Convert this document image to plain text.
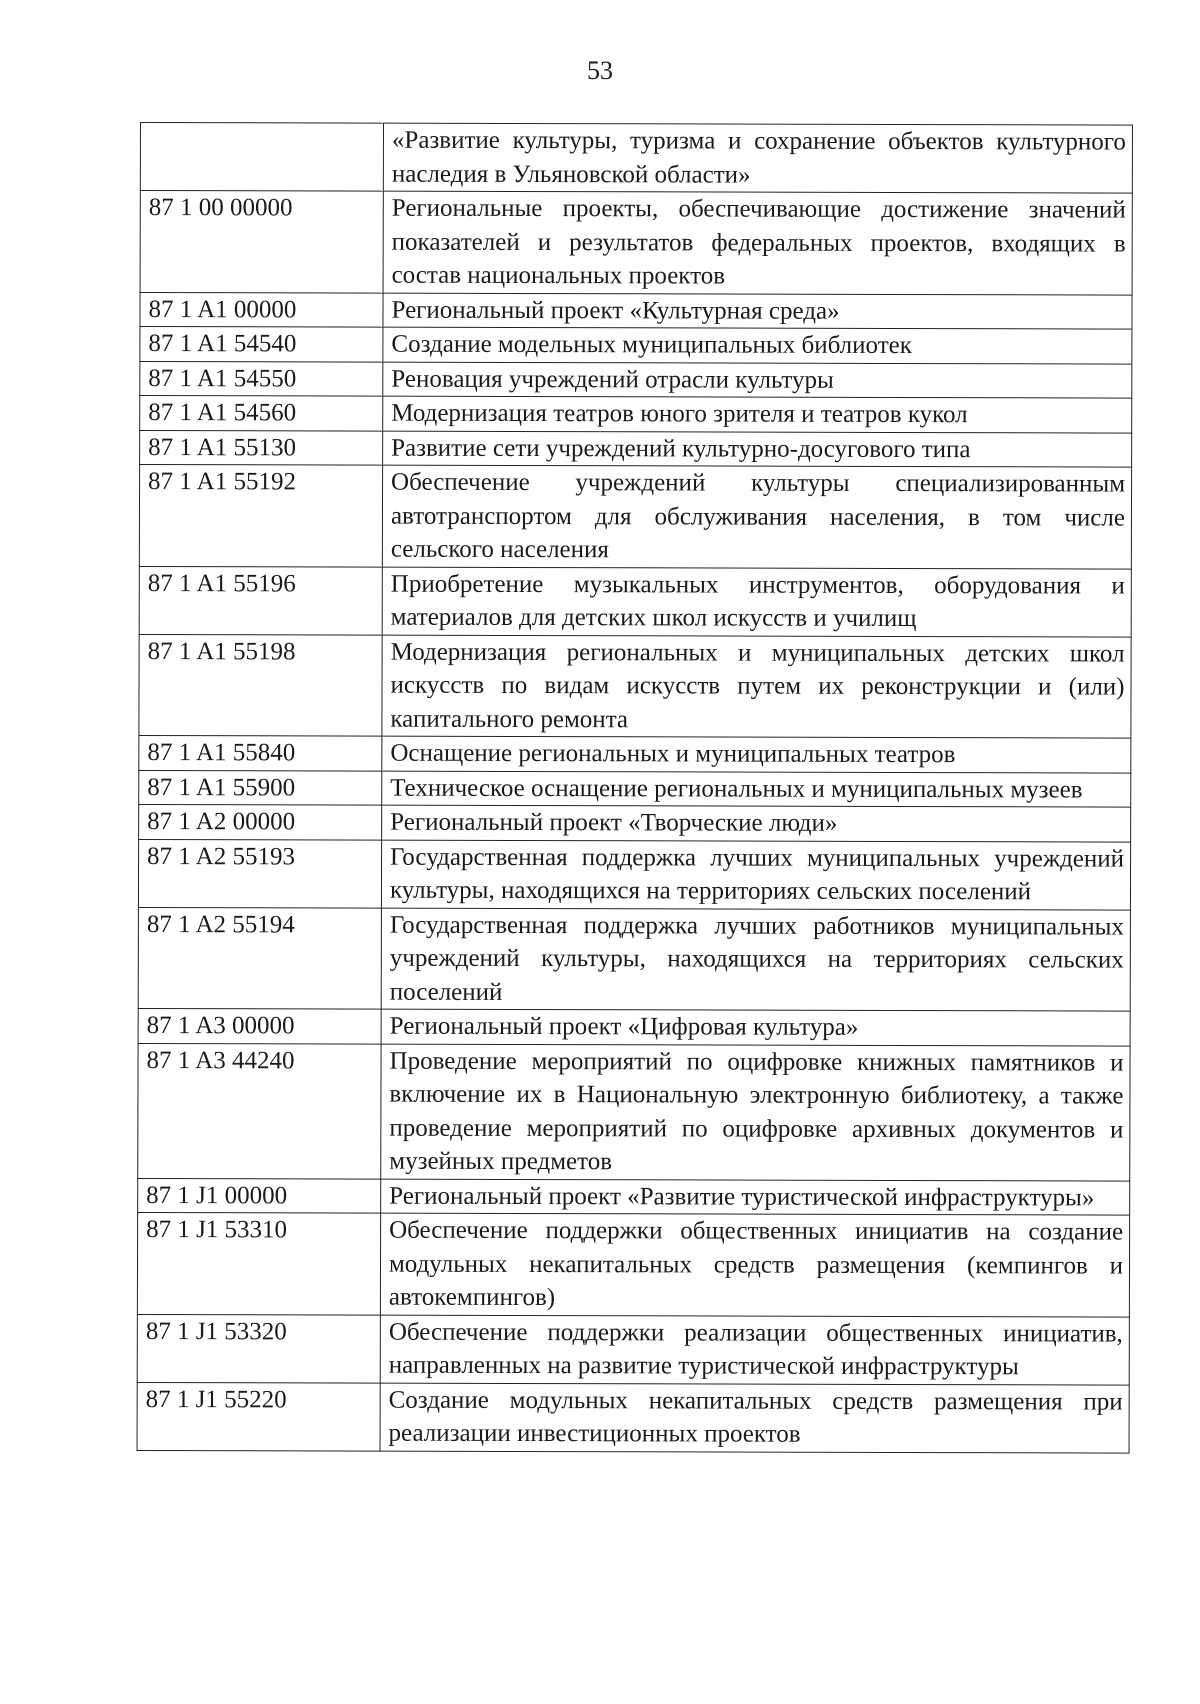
53
	«Развитие культуры, туризма и сохранение объектов культурного наследия в Ульяновской области»
87 1 00 00000	Региональные проекты, обеспечивающие достижение значений показателей и результатов федеральных проектов, входящих в состав национальных проектов
87 1 A1 00000	Региональный проект «Культурная среда»
87 1 A1 54540	Создание модельных муниципальных библиотек
87 1 A1 54550	Реновация учреждений отрасли культуры
87 1 A1 54560	Модернизация театров юного зрителя и театров кукол
87 1 A1 55130	Развитие сети учреждений культурно-досугового типа
87 1 A1 55192	Обеспечение учреждений культуры специализированным автотранспортом для обслуживания населения, в том числе сельского населения
87 1 A1 55196	Приобретение музыкальных инструментов, оборудования и материалов для детских школ искусств и училищ
87 1 A1 55198	Модернизация региональных и муниципальных детских школ искусств по видам искусств путем их реконструкции и (или) капитального ремонта
87 1 A1 55840	Оснащение региональных и муниципальных театров
87 1 A1 55900	Техническое оснащение региональных и муниципальных музеев
87 1 A2 00000	Региональный проект «Творческие люди»
87 1 A2 55193	Государственная поддержка лучших муниципальных учреждений культуры, находящихся на территориях сельских поселений
87 1 A2 55194	Государственная поддержка лучших работников муниципальных учреждений культуры, находящихся на территориях сельских поселений
87 1 A3 00000	Региональный проект «Цифровая культура»
87 1 A3 44240	Проведение мероприятий по оцифровке книжных памятников и включение их в Национальную электронную библиотеку, а также проведение мероприятий по оцифровке архивных документов и музейных предметов
87 1 J1 00000	Региональный проект «Развитие туристической инфраструктуры»
87 1 J1 53310	Обеспечение поддержки общественных инициатив на создание модульных некапитальных средств размещения (кемпингов и автокемпингов)
87 1 J1 53320	Обеспечение поддержки реализации общественных инициатив, направленных на развитие туристической инфраструктуры
87 1 J1 55220	Создание модульных некапитальных средств размещения при реализации инвестиционных проектов
